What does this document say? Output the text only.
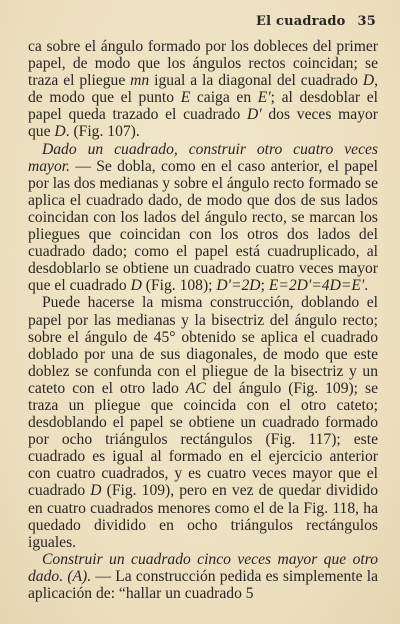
El cuadrado 35

ca sobre el ángulo formado por los dobleces del primer papel, de modo que los ángulos rectos coincidan; se traza el pliegue mn igual a la diagonal del cuadrado D, de modo que el punto E caiga en E'; al desdoblar el papel queda trazado el cuadrado D' dos veces mayor que D. (Fig. 107).

Dado un cuadrado, construir otro cuatro veces mayor. — Se dobla, como en el caso anterior, el papel por las dos medianas y sobre el ángulo recto formado se aplica el cuadrado dado, de modo que dos de sus lados coincidan con los lados del ángulo recto, se marcan los pliegues que coincidan con los otros dos lados del cuadrado dado; como el papel está cuadruplicado, al desdoblarlo se obtiene un cuadrado cuatro veces mayor que el cuadrado D (Fig. 108); D'=2D; E=2D'=4D=E'.

Puede hacerse la misma construcción, doblando el papel por las medianas y la bisectriz del ángulo recto; sobre el ángulo de 45° obtenido se aplica el cuadrado doblado por una de sus diagonales, de modo que este doblez se confunda con el pliegue de la bisectriz y un cateto con el otro lado AC del ángulo (Fig. 109); se traza un pliegue que coincida con el otro cateto; desdoblando el papel se obtiene un cuadrado formado por ocho triángulos rectángulos (Fig. 117); este cuadrado es igual al formado en el ejercicio anterior con cuatro cuadrados, y es cuatro veces mayor que el cuadrado D (Fig. 109), pero en vez de quedar dividido en cuatro cuadrados menores como el de la Fig. 118, ha quedado dividido en ocho triángulos rectángulos iguales.

Construir un cuadrado cinco veces mayor que otro dado. (A). — La construcción pedida es simplemente la aplicación de: “hallar un cuadrado 5
